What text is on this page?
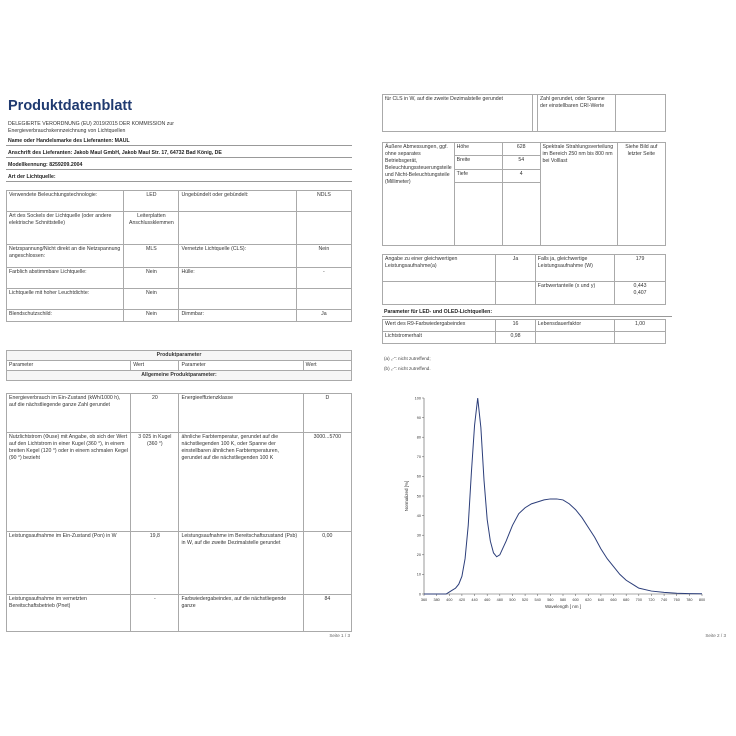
Produktdatenblatt
DELEGIERTE VERORDNUNG (EU) 2019/2015 DER KOMMISSION zur
Energieverbrauchskennzeichnung von Lichtquellen
Name oder Handelsmarke des Lieferanten: MAUL
Anschrift des Lieferanten: Jakob Maul GmbH, Jakob Maul Str. 17, 64732 Bad König, DE
Modellkennung: 8259209.2004
Art der Lichtquelle:
Verwendete Beleuchtungstechnologie:	LED	Ungebündelt oder gebündelt:	NDLS
Art des Sockels der Lichtquelle (oder andere elektrische Schnittstelle)	Leiterplatten Anschlussklemmen		
Netzspannung/Nicht direkt an die Netzspannung angeschlossen:	MLS	Vernetzte Lichtquelle (CLS):	Nein
Farblich abstimmbare Lichtquelle:	Nein	Hülle:	-
Lichtquelle mit hoher Leuchtdichte:	Nein		
Blendschutzschild:	Nein	Dimmbar:	Ja
Produktparameter
Parameter	Wert	Parameter	Wert
Allgemeine Produktparameter:
Energieverbrauch im Ein-Zustand (kWh/1000 h), auf die nächstliegende ganze Zahl gerundet	20	Energieeffizienzklasse	D
Nutzlichtstrom (Φuse) mit Angabe, ob sich der Wert auf den Lichtstrom in einer Kugel (360 °), in einem breiten Kegel (120 °) oder in einem schmalen Kegel (90 °) bezieht	3 025 in Kugel (360 °)	ähnliche Farbtemperatur, gerundet auf die nächstliegenden 100 K, oder Spanne der einstellbaren ähnlichen Farbtemperaturen, gerundet auf die nächstliegenden 100 K	3000...5700
Leistungsaufnahme im Ein-Zustand (Pon) in W	19,8	Leistungsaufnahme im Bereitschaftszustand (Psb) in W, auf die zweite Dezimalstelle gerundet	0,00
Leistungsaufnahme im vernetzten Bereitschaftsbetrieb (Pnet)	-	Farbwiedergabeindex, auf die nächstliegende ganze	84
Seite 1 / 3
für CLS in W, auf die zweite Dezimalstelle gerundet		Zahl gerundet, oder Spanne der einstellbaren CRI-Werte	
Äußere Abmessungen, ggf. ohne separates Betriebsgerät, Beleuchtungssteuerungsteile und Nicht-Beleuchtungsteile (Millimeter)	Höhe	628	Spektrale Strahlungsverteilung im Bereich 250 nm bis 800 nm bei Volllast	Siehe Bild auf letzter Seite
	Breite	54		
	Tiefe	4		

Angabe zu einer gleichwertigen Leistungsaufnahme(a)	Ja	Falls ja, gleichwertige Leistungsaufnahme (W)	179
		Farbwertanteile (x und y)	0,443
0,407
Parameter für LED- und OLED-Lichtquellen:
Wert des R9-Farbwiedergabeindex	16	Lebensdauerfaktor	1,00
Lichtstromerhalt	0,98		
(a) „-“: nicht zutreffend;
(b) „-“: nicht zutreffend.
Seite 2 / 3
360 380 400 420 440 460 480 500 520 540 560 580 600 620 640 660 680 700 720 740 760 780 800
0
10
20
30
40
50
60
70
80
90
100
Wavelength [ nm ]
Normalized [%]
